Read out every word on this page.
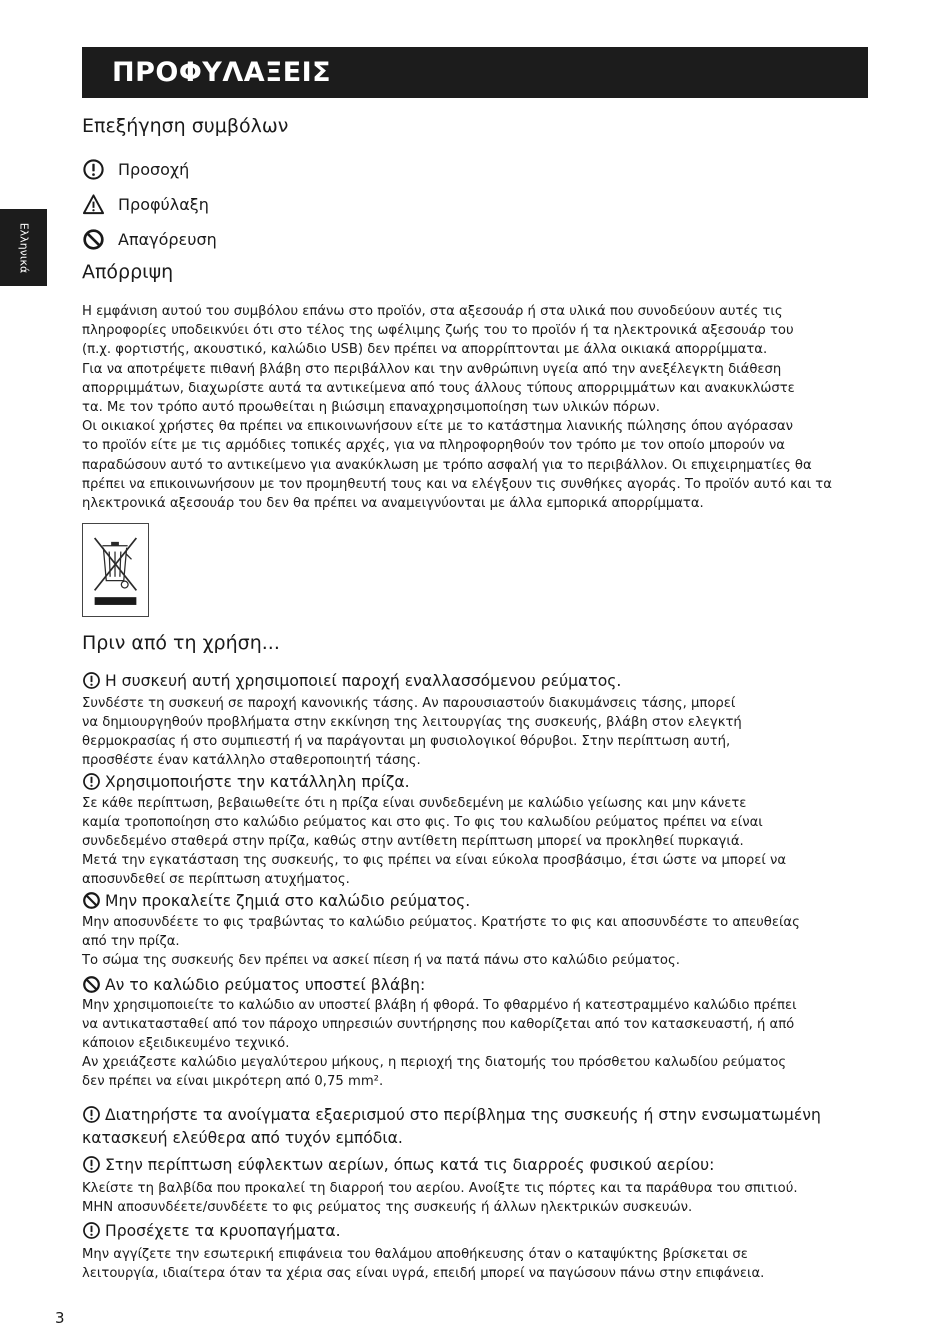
ΠΡΟΦΥΛΑΞΕΙΣ
Ελληνικά
Επεξήγηση συμβόλων
Προσοχή
Προφύλαξη
Απαγόρευση
Απόρριψη

Η εμφάνιση αυτού του συμβόλου επάνω στο προϊόν, στα αξεσουάρ ή στα υλικά που συνοδεύουν αυτές τις

πληροφορίες υποδεικνύει ότι στο τέλος της ωφέλιμης ζωής του το προϊόν ή τα ηλεκτρονικά αξεσουάρ του

(π.χ. φορτιστής, ακουστικό, καλώδιο USB) δεν πρέπει να απορρίπτονται με άλλα οικιακά απορρίμματα.

Για να αποτρέψετε πιθανή βλάβη στο περιβάλλον και την ανθρώπινη υγεία από την ανεξέλεγκτη διάθεση

απορριμμάτων, διαχωρίστε αυτά τα αντικείμενα από τους άλλους τύπους απορριμμάτων και ανακυκλώστε

τα. Με τον τρόπο αυτό προωθείται η βιώσιμη επαναχρησιμοποίηση των υλικών πόρων.

Οι οικιακοί χρήστες θα πρέπει να επικοινωνήσουν είτε με το κατάστημα λιανικής πώλησης όπου αγόρασαν

το προϊόν είτε με τις αρμόδιες τοπικές αρχές, για να πληροφορηθούν τον τρόπο με τον οποίο μπορούν να

παραδώσουν αυτό το αντικείμενο για ανακύκλωση με τρόπο ασφαλή για το περιβάλλον. Οι επιχειρηματίες θα

πρέπει να επικοινωνήσουν με τον προμηθευτή τους και να ελέγξουν τις συνθήκες αγοράς. Το προϊόν αυτό και τα

ηλεκτρονικά αξεσουάρ του δεν θα πρέπει να αναμειγνύονται με άλλα εμπορικά απορρίμματα.

Πριν από τη χρήση...
Η συσκευή αυτή χρησιμοποιεί παροχή εναλλασσόμενου ρεύματος.
Συνδέστε τη συσκευή σε παροχή κανονικής τάσης. Αν παρουσιαστούν διακυμάνσεις τάσης, μπορεί
να δημιουργηθούν προβλήματα στην εκκίνηση της λειτουργίας της συσκευής, βλάβη στον ελεγκτή
θερμοκρασίας ή στο συμπιεστή ή να παράγονται μη φυσιολογικοί θόρυβοι. Στην περίπτωση αυτή,
προσθέστε έναν κατάλληλο σταθεροποιητή τάσης.
Χρησιμοποιήστε την κατάλληλη πρίζα.
Σε κάθε περίπτωση, βεβαιωθείτε ότι η πρίζα είναι συνδεδεμένη με καλώδιο γείωσης και μην κάνετε
καμία τροποποίηση στο καλώδιο ρεύματος και στο φις. Το φις του καλωδίου ρεύματος πρέπει να είναι
συνδεδεμένο σταθερά στην πρίζα, καθώς στην αντίθετη περίπτωση μπορεί να προκληθεί πυρκαγιά.
Μετά την εγκατάσταση της συσκευής, το φις πρέπει να είναι εύκολα προσβάσιμο, έτσι ώστε να μπορεί να
αποσυνδεθεί σε περίπτωση ατυχήματος.
Μην προκαλείτε ζημιά στο καλώδιο ρεύματος.
Μην αποσυνδέετε το φις τραβώντας το καλώδιο ρεύματος. Κρατήστε το φις και αποσυνδέστε το απευθείας
από την πρίζα.
Το σώμα της συσκευής δεν πρέπει να ασκεί πίεση ή να πατά πάνω στο καλώδιο ρεύματος.
Αν το καλώδιο ρεύματος υποστεί βλάβη:
Μην χρησιμοποιείτε το καλώδιο αν υποστεί βλάβη ή φθορά. Το φθαρμένο ή κατεστραμμένο καλώδιο πρέπει
να αντικατασταθεί από τον πάροχο υπηρεσιών συντήρησης που καθορίζεται από τον κατασκευαστή, ή από
κάποιον εξειδικευμένο τεχνικό.
Αν χρειάζεστε καλώδιο μεγαλύτερου μήκους, η περιοχή της διατομής του πρόσθετου καλωδίου ρεύματος
δεν πρέπει να είναι μικρότερη από 0,75 mm².
Διατηρήστε τα ανοίγματα εξαερισμού στο περίβλημα της συσκευής ή στην ενσωματωμένη
κατασκευή ελεύθερα από τυχόν εμπόδια.
Στην περίπτωση εύφλεκτων αερίων, όπως κατά τις διαρροές φυσικού αερίου:
Κλείστε τη βαλβίδα που προκαλεί τη διαρροή του αερίου. Ανοίξτε τις πόρτες και τα παράθυρα του σπιτιού.
ΜΗΝ αποσυνδέετε/συνδέετε το φις ρεύματος της συσκευής ή άλλων ηλεκτρικών συσκευών.
Προσέχετε τα κρυοπαγήματα.
Μην αγγίζετε την εσωτερική επιφάνεια του θαλάμου αποθήκευσης όταν ο καταψύκτης βρίσκεται σε
λειτουργία, ιδιαίτερα όταν τα χέρια σας είναι υγρά, επειδή μπορεί να παγώσουν πάνω στην επιφάνεια.
3
